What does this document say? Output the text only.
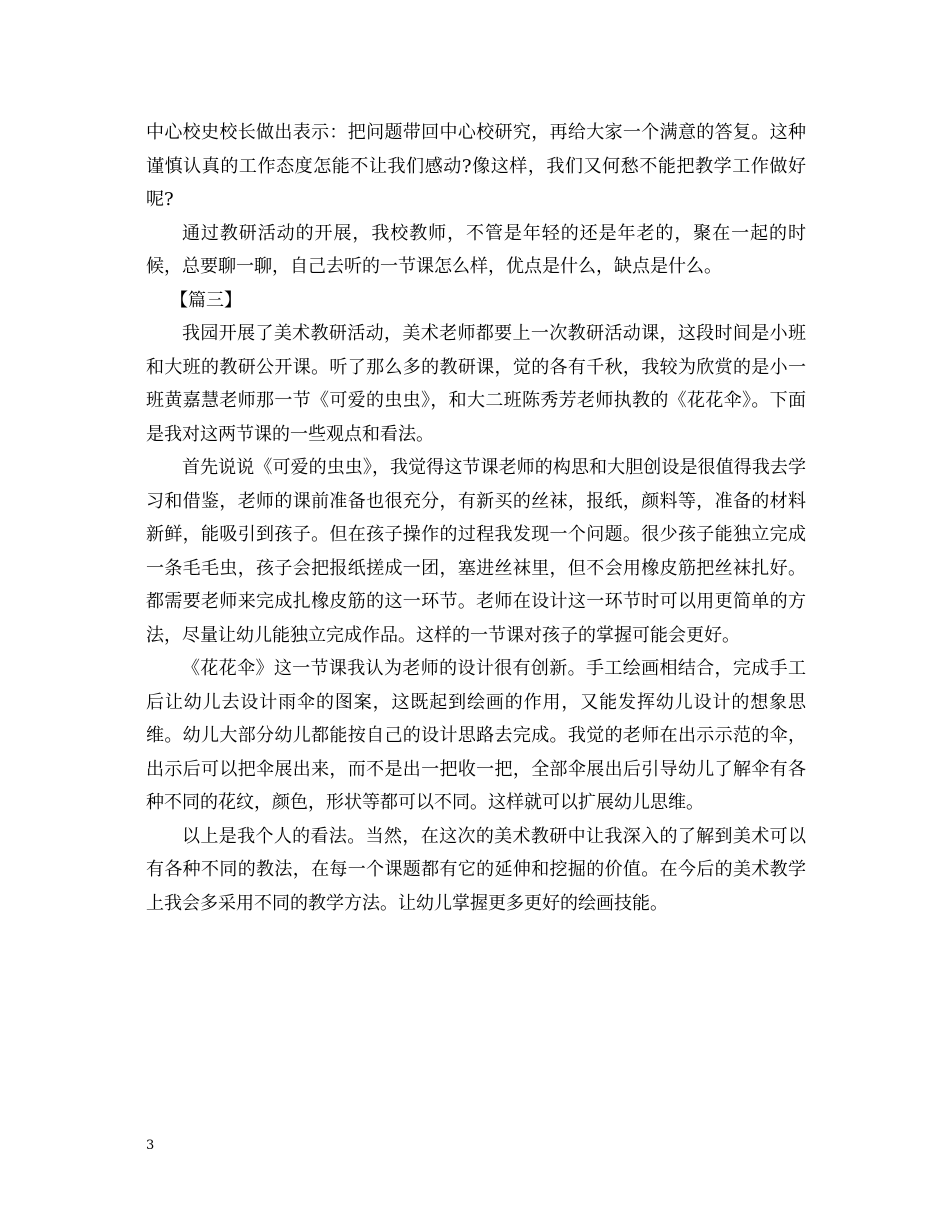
中心校史校长做出表示：把问题带回中心校研究，再给大家一个满意的答复。这种谨慎认真的工作态度怎能不让我们感动?像这样，我们又何愁不能把教学工作做好呢?

通过教研活动的开展，我校教师，不管是年轻的还是年老的，聚在一起的时候，总要聊一聊，自己去听的一节课怎么样，优点是什么，缺点是什么。

【篇三】

我园开展了美术教研活动，美术老师都要上一次教研活动课，这段时间是小班和大班的教研公开课。听了那么多的教研课，觉的各有千秋，我较为欣赏的是小一班黄嘉慧老师那一节《可爱的虫虫》，和大二班陈秀芳老师执教的《花花伞》。下面是我对这两节课的一些观点和看法。

首先说说《可爱的虫虫》，我觉得这节课老师的构思和大胆创设是很值得我去学习和借鉴，老师的课前准备也很充分，有新买的丝袜，报纸，颜料等，准备的材料新鲜，能吸引到孩子。但在孩子操作的过程我发现一个问题。很少孩子能独立完成一条毛毛虫，孩子会把报纸搓成一团，塞进丝袜里，但不会用橡皮筋把丝袜扎好。都需要老师来完成扎橡皮筋的这一环节。老师在设计这一环节时可以用更简单的方法，尽量让幼儿能独立完成作品。这样的一节课对孩子的掌握可能会更好。

《花花伞》这一节课我认为老师的设计很有创新。手工绘画相结合，完成手工后让幼儿去设计雨伞的图案，这既起到绘画的作用，又能发挥幼儿设计的想象思维。幼儿大部分幼儿都能按自己的设计思路去完成。我觉的老师在出示示范的伞，出示后可以把伞展出来，而不是出一把收一把，全部伞展出后引导幼儿了解伞有各种不同的花纹，颜色，形状等都可以不同。这样就可以扩展幼儿思维。

以上是我个人的看法。当然，在这次的美术教研中让我深入的了解到美术可以有各种不同的教法，在每一个课题都有它的延伸和挖掘的价值。在今后的美术教学上我会多采用不同的教学方法。让幼儿掌握更多更好的绘画技能。

3
